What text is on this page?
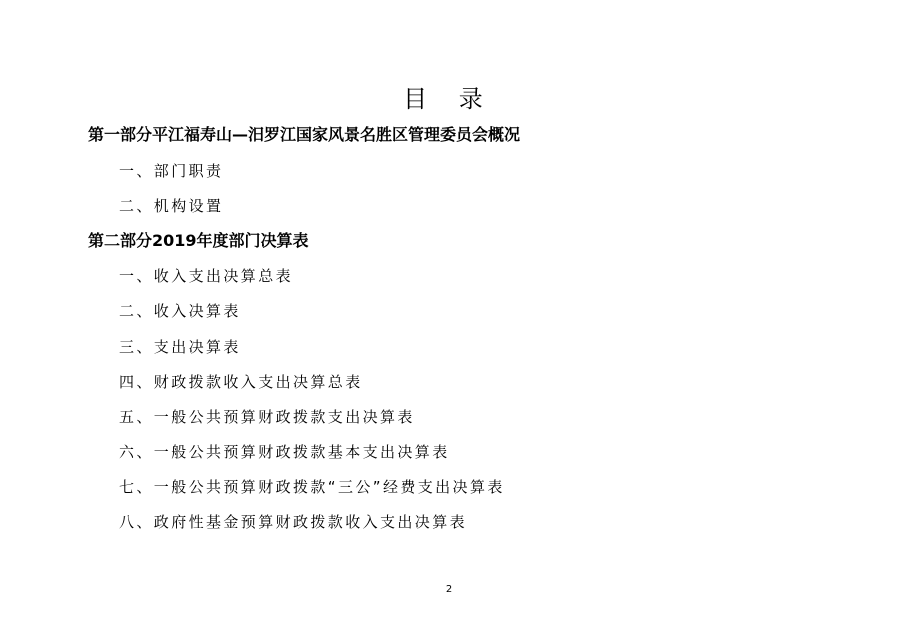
目 录
第一部分平江福寿山—汨罗江国家风景名胜区管理委员会概况
一、部门职责
二、机构设置
第二部分2019年度部门决算表
一、收入支出决算总表
二、收入决算表
三、支出决算表
四、财政拨款收入支出决算总表
五、一般公共预算财政拨款支出决算表
六、一般公共预算财政拨款基本支出决算表
七、一般公共预算财政拨款“三公”经费支出决算表
八、政府性基金预算财政拨款收入支出决算表
2
